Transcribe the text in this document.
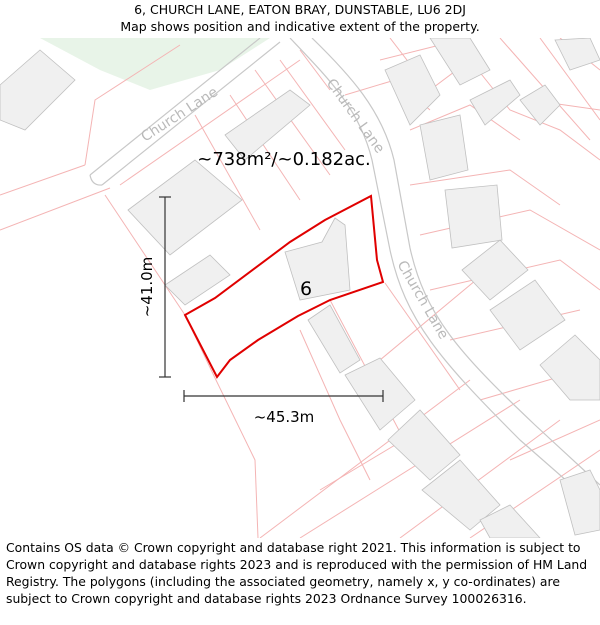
6, CHURCH LANE, EATON BRAY, DUNSTABLE, LU6 2DJ
Map shows position and indicative extent of the property.
Church Lane	Church Lane
Church Lane
~738m²/~0.182ac.
6
~41.0m
~45.3m
Contains OS data © Crown copyright and database right 2021. This information is subject to Crown copyright and database rights 2023 and is reproduced with the permission of HM Land Registry. The polygons (including the associated geometry, namely x, y co-ordinates) are subject to Crown copyright and database rights 2023 Ordnance Survey 100026316.
